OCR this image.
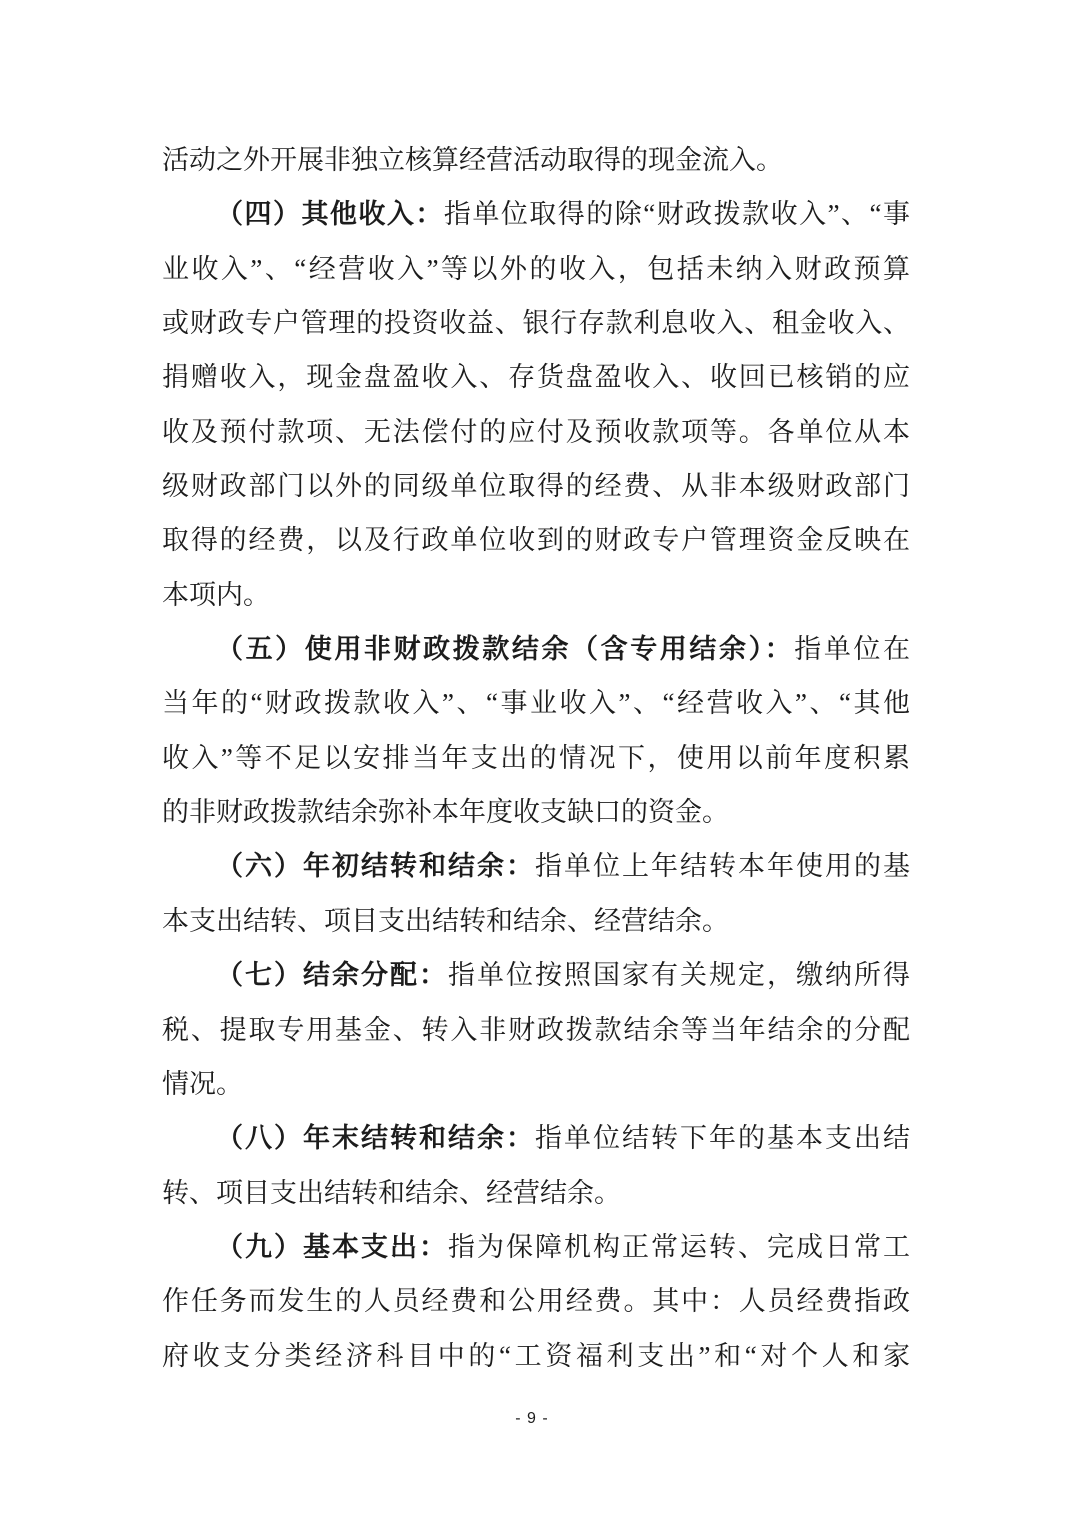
活动之外开展非独立核算经营活动取得的现金流入。
（四）其他收入：指单位取得的除“财政拨款收入”、“事
业收入”、“经营收入”等以外的收入，包括未纳入财政预算
或财政专户管理的投资收益、银行存款利息收入、租金收入、
捐赠收入，现金盘盈收入、存货盘盈收入、收回已核销的应
收及预付款项、无法偿付的应付及预收款项等。各单位从本
级财政部门以外的同级单位取得的经费、从非本级财政部门
取得的经费，以及行政单位收到的财政专户管理资金反映在
本项内。
（五）使用非财政拨款结余（含专用结余）：指单位在
当年的“财政拨款收入”、“事业收入”、“经营收入”、“其他
收入”等不足以安排当年支出的情况下，使用以前年度积累
的非财政拨款结余弥补本年度收支缺口的资金。
（六）年初结转和结余：指单位上年结转本年使用的基
本支出结转、项目支出结转和结余、经营结余。
（七）结余分配：指单位按照国家有关规定，缴纳所得
税、提取专用基金、转入非财政拨款结余等当年结余的分配
情况。
（八）年末结转和结余：指单位结转下年的基本支出结
转、项目支出结转和结余、经营结余。
（九）基本支出：指为保障机构正常运转、完成日常工
作任务而发生的人员经费和公用经费。其中：人员经费指政
府收支分类经济科目中的“工资福利支出”和“对个人和家
- 9 -
